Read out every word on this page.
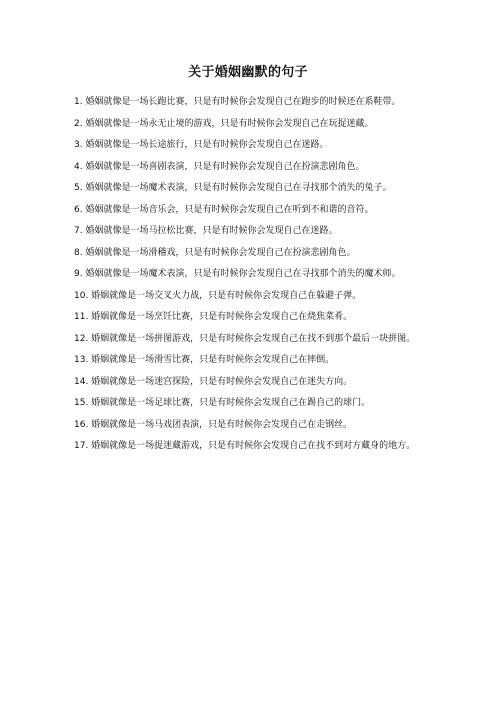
关于婚姻幽默的句子
1. 婚姻就像是一场长跑比赛，只是有时候你会发现自己在跑步的时候还在系鞋带。
2. 婚姻就像是一场永无止境的游戏，只是有时候你会发现自己在玩捉迷藏。
3. 婚姻就像是一场长途旅行，只是有时候你会发现自己在迷路。
4. 婚姻就像是一场喜剧表演，只是有时候你会发现自己在扮演悲剧角色。
5. 婚姻就像是一场魔术表演，只是有时候你会发现自己在寻找那个消失的兔子。
6. 婚姻就像是一场音乐会，只是有时候你会发现自己在听到不和谐的音符。
7. 婚姻就像是一场马拉松比赛，只是有时候你会发现自己在迷路。
8. 婚姻就像是一场滑稽戏，只是有时候你会发现自己在扮演悲剧角色。
9. 婚姻就像是一场魔术表演，只是有时候你会发现自己在寻找那个消失的魔术师。
10. 婚姻就像是一场交叉火力战，只是有时候你会发现自己在躲避子弹。
11. 婚姻就像是一场烹饪比赛，只是有时候你会发现自己在烧焦菜肴。
12. 婚姻就像是一场拼图游戏，只是有时候你会发现自己在找不到那个最后一块拼图。
13. 婚姻就像是一场滑雪比赛，只是有时候你会发现自己在摔倒。
14. 婚姻就像是一场迷宫探险，只是有时候你会发现自己在迷失方向。
15. 婚姻就像是一场足球比赛，只是有时候你会发现自己在踢自己的球门。
16. 婚姻就像是一场马戏团表演，只是有时候你会发现自己在走钢丝。
17. 婚姻就像是一场捉迷藏游戏，只是有时候你会发现自己在找不到对方藏身的地方。
